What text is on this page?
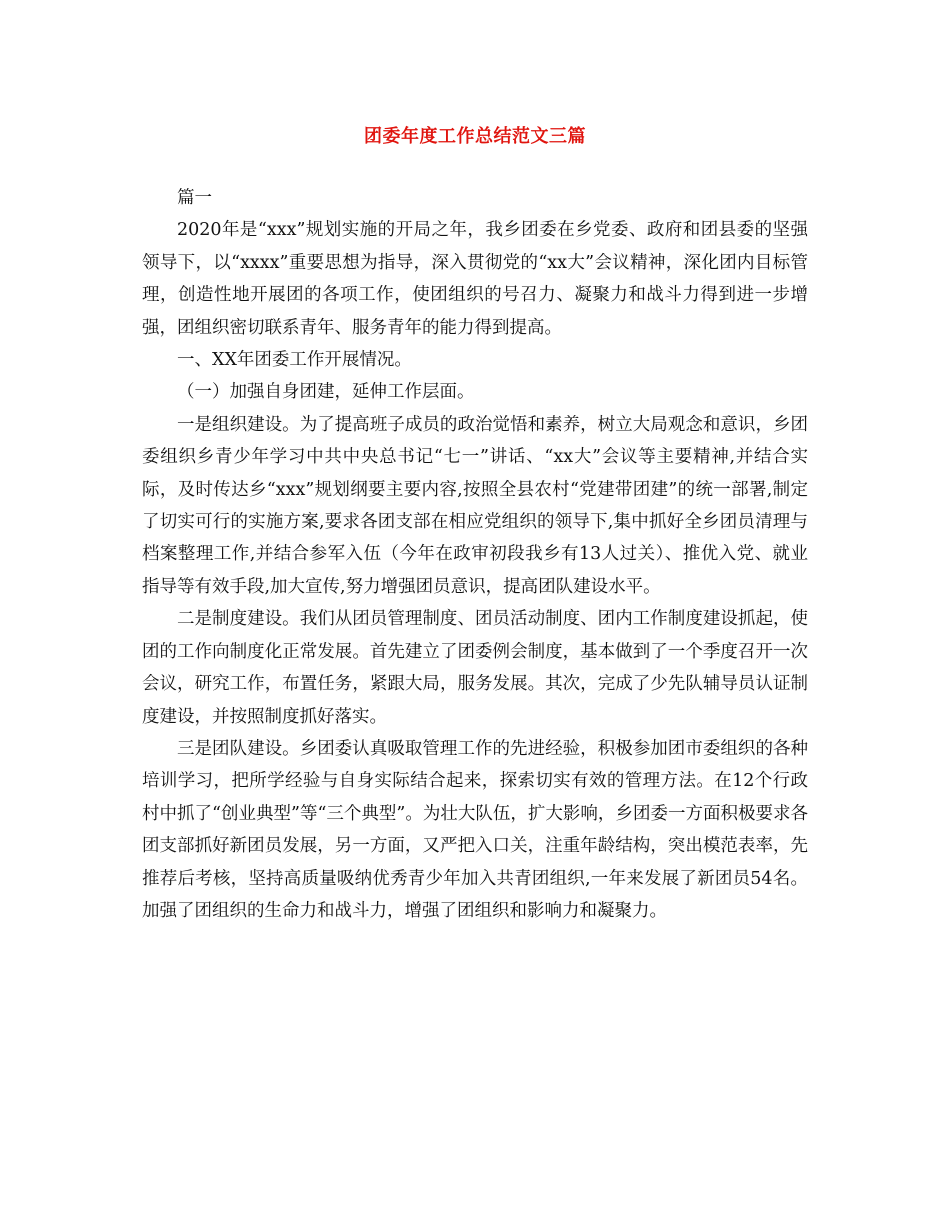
团委年度工作总结范文三篇

篇一

2020年是“xxx”规划实施的开局之年，我乡团委在乡党委、政府和团县委的坚强领导下，以“xxxx”重要思想为指导，深入贯彻党的“xx大”会议精神，深化团内目标管理，创造性地开展团的各项工作，使团组织的号召力、凝聚力和战斗力得到进一步增强，团组织密切联系青年、服务青年的能力得到提高。

一、XX年团委工作开展情况。

（一）加强自身团建，延伸工作层面。

一是组织建设。为了提高班子成员的政治觉悟和素养，树立大局观念和意识，乡团委组织乡青少年学习中共中央总书记“七一”讲话、“xx大”会议等主要精神,并结合实际，及时传达乡“xxx”规划纲要主要内容,按照全县农村“党建带团建”的统一部署,制定了切实可行的实施方案,要求各团支部在相应党组织的领导下,集中抓好全乡团员清理与档案整理工作,并结合参军入伍（今年在政审初段我乡有13人过关）、推优入党、就业指导等有效手段,加大宣传,努力增强团员意识，提高团队建设水平。

二是制度建设。我们从团员管理制度、团员活动制度、团内工作制度建设抓起，使团的工作向制度化正常发展。首先建立了团委例会制度，基本做到了一个季度召开一次会议，研究工作，布置任务，紧跟大局，服务发展。其次，完成了少先队辅导员认证制度建设，并按照制度抓好落实。

三是团队建设。乡团委认真吸取管理工作的先进经验，积极参加团市委组织的各种培训学习，把所学经验与自身实际结合起来，探索切实有效的管理方法。在12个行政村中抓了“创业典型”等“三个典型”。为壮大队伍，扩大影响，乡团委一方面积极要求各团支部抓好新团员发展，另一方面，又严把入口关，注重年龄结构，突出模范表率，先推荐后考核，坚持高质量吸纳优秀青少年加入共青团组织,一年来发展了新团员54名。加强了团组织的生命力和战斗力，增强了团组织和影响力和凝聚力。
